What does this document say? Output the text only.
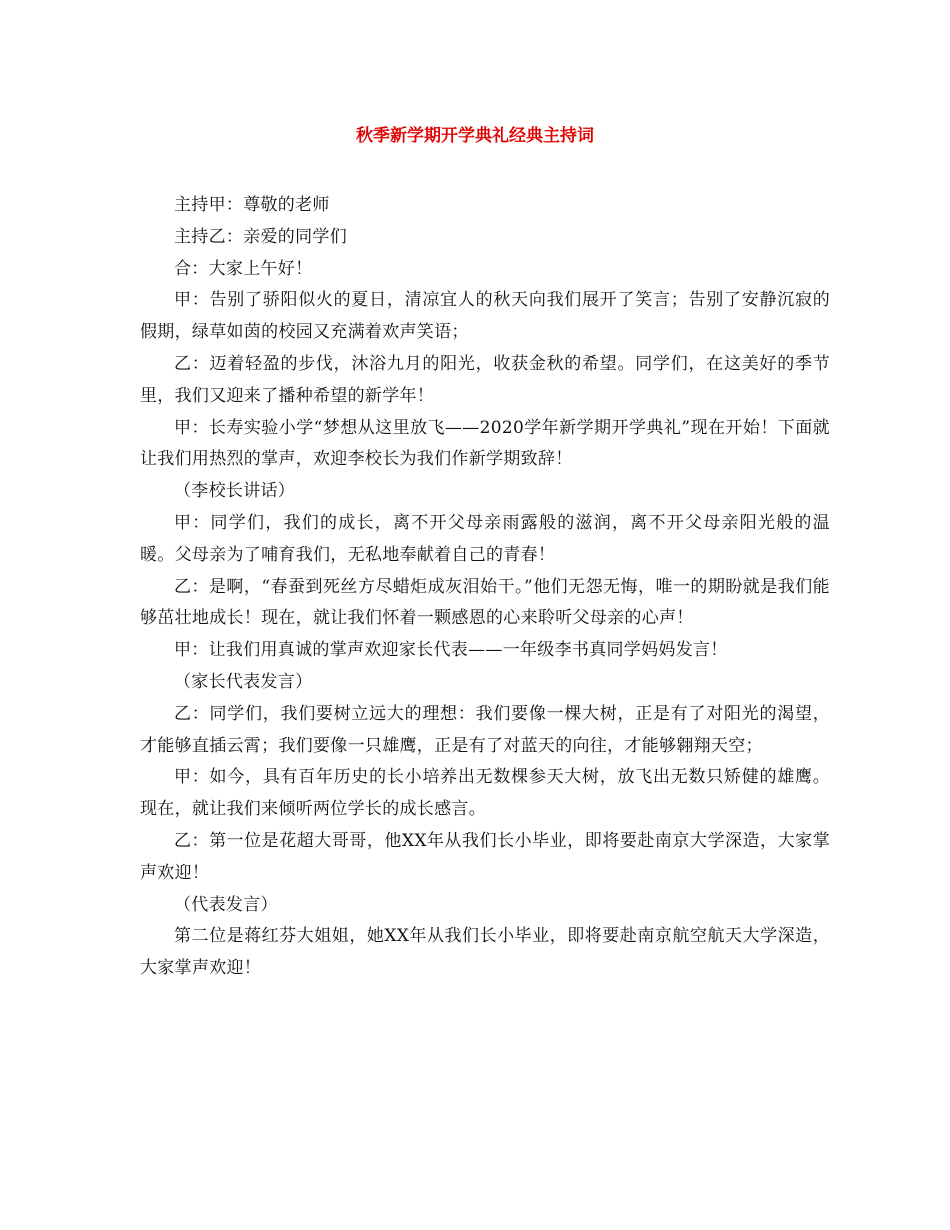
秋季新学期开学典礼经典主持词

主持甲：尊敬的老师

主持乙：亲爱的同学们

合：大家上午好！

甲：告别了骄阳似火的夏日，清凉宜人的秋天向我们展开了笑言；告别了安静沉寂的假期，绿草如茵的校园又充满着欢声笑语；

乙：迈着轻盈的步伐，沐浴九月的阳光，收获金秋的希望。同学们，在这美好的季节里，我们又迎来了播种希望的新学年！

甲：长寿实验小学“梦想从这里放飞——2020学年新学期开学典礼”现在开始！下面就让我们用热烈的掌声，欢迎李校长为我们作新学期致辞！

（李校长讲话）

甲：同学们，我们的成长，离不开父母亲雨露般的滋润，离不开父母亲阳光般的温暖。父母亲为了哺育我们，无私地奉献着自己的青春！

乙：是啊，“春蚕到死丝方尽蜡炬成灰泪始干。”他们无怨无悔，唯一的期盼就是我们能够茁壮地成长！现在，就让我们怀着一颗感恩的心来聆听父母亲的心声！

甲：让我们用真诚的掌声欢迎家长代表——一年级李书真同学妈妈发言！

（家长代表发言）

乙：同学们，我们要树立远大的理想：我们要像一棵大树，正是有了对阳光的渴望，才能够直插云霄；我们要像一只雄鹰，正是有了对蓝天的向往，才能够翱翔天空；

甲：如今，具有百年历史的长小培养出无数棵参天大树，放飞出无数只矫健的雄鹰。现在，就让我们来倾听两位学长的成长感言。

乙：第一位是花超大哥哥，他XX年从我们长小毕业，即将要赴南京大学深造，大家掌声欢迎！

（代表发言）

第二位是蒋红芬大姐姐，她XX年从我们长小毕业，即将要赴南京航空航天大学深造，大家掌声欢迎！
